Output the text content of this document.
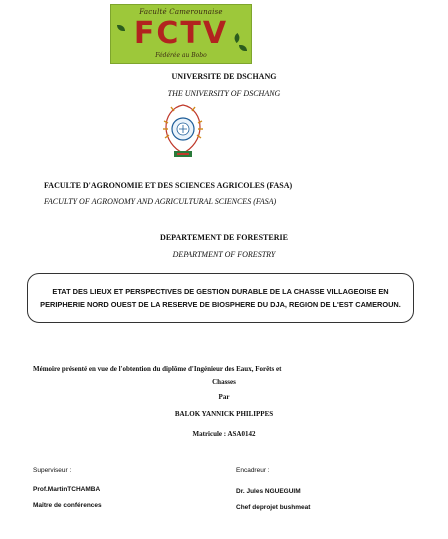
Faculté Camerounaise
FCTV
Fédérée au Bobo
UNIVERSITE DE DSCHANG
THE UNIVERSITY OF DSCHANG
FACULTE D'AGRONOMIE ET DES SCIENCES AGRICOLES (FASA)
FACULTY OF AGRONOMY AND AGRICULTURAL SCIENCES (FASA)
DEPARTEMENT DE FORESTERIE
DEPARTMENT OF FORESTRY
ETAT DES LIEUX ET PERSPECTIVES DE GESTION DURABLE DE LA CHASSE VILLAGEOISE EN PERIPHERIE NORD OUEST DE LA RESERVE DE BIOSPHERE DU DJA, REGION DE L'EST CAMEROUN.
Mémoire présenté en vue de l'obtention du diplôme d'Ingénieur des Eaux, Forêts et
Chasses
Par
BALOK YANNICK PHILIPPES
Matricule : ASA0142
Superviseur :
Prof.MartinTCHAMBA
Maître de conférences
Encadreur :
Dr. Jules NGUEGUIM
Chef deprojet bushmeat
